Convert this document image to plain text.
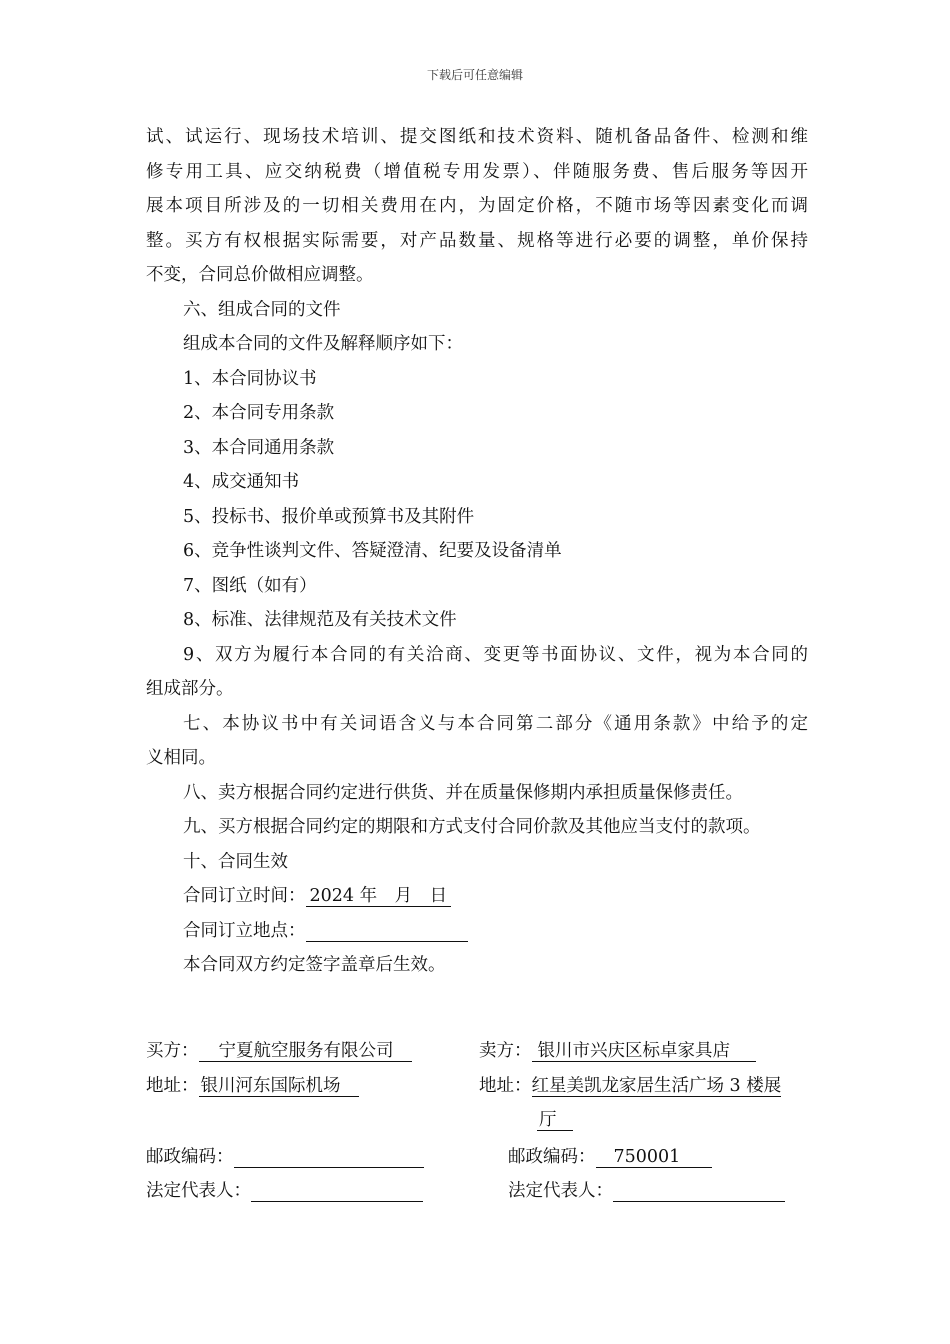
下载后可任意编辑
试、试运行、现场技术培训、提交图纸和技术资料、随机备品备件、检测和维
修专用工具、应交纳税费（增值税专用发票）、伴随服务费、售后服务等因开
展本项目所涉及的一切相关费用在内，为固定价格，不随市场等因素变化而调
整。买方有权根据实际需要，对产品数量、规格等进行必要的调整，单价保持
不变，合同总价做相应调整。
六、组成合同的文件
组成本合同的文件及解释顺序如下：
1、本合同协议书
2、本合同专用条款
3、本合同通用条款
4、成交通知书
5、投标书、报价单或预算书及其附件
6、竞争性谈判文件、答疑澄清、纪要及设备清单
7、图纸（如有）
8、标准、法律规范及有关技术文件
9、双方为履行本合同的有关洽商、变更等书面协议、文件，视为本合同的
组成部分。
七、本协议书中有关词语含义与本合同第二部分《通用条款》中给予的定
义相同。
八、卖方根据合同约定进行供货、并在质量保修期内承担质量保修责任。
九、买方根据合同约定的期限和方式支付合同价款及其他应当支付的款项。
十、合同生效
合同订立时间： 2024 年　月　日
合同订立地点：
本合同双方约定签字盖章后生效。
买方： 宁夏航空服务有限公司
地址： 银川河东国际机场
邮政编码：
法定代表人：
卖方： 银川市兴庆区标卓家具店
地址：红星美凯龙家居生活广场 3 楼展
厅
邮政编码： 750001
法定代表人：
